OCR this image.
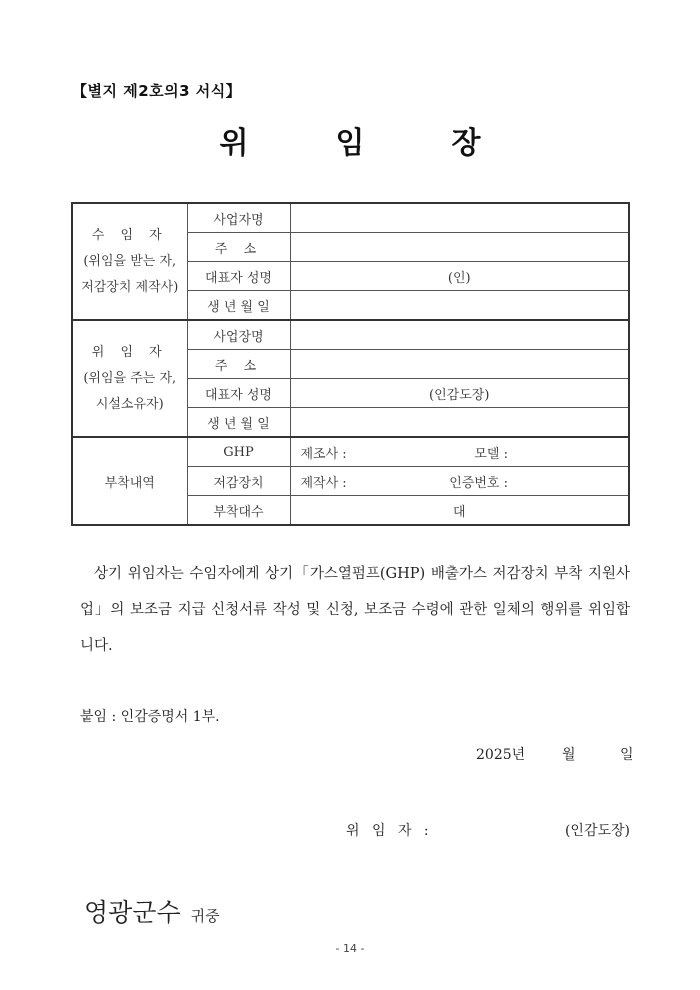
【별지 제2호의3 서식】
위	임	장
수 임 자
(위임을 받는 자,
저감장치 제작사)	사업자명	
	주 소	
	대표자 성명	(인)
	생 년 월 일	

위 임 자
(위임을 주는 자,
시설소유자)	사업장명	
	주 소	
	대표자 성명	(인감도장)
	생 년 월 일	
부착내역	GHP	제조사 : 모델 :

	저감장치	제작사 : 인증번호 :

	부착대수	대
상기 위임자는 수임자에게 상기「가스열펌프(GHP) 배출가스 저감장치 부착 지원사업」의 보조금 지급 신청서류 작성 및 신청, 보조금 수령에 관한 일체의 행위를 위임합니다.
붙임 : 인감증명서 1부.
2025년	월	일
위 임 자 :	(인감도장)
영광군수 귀중
- 14 -
